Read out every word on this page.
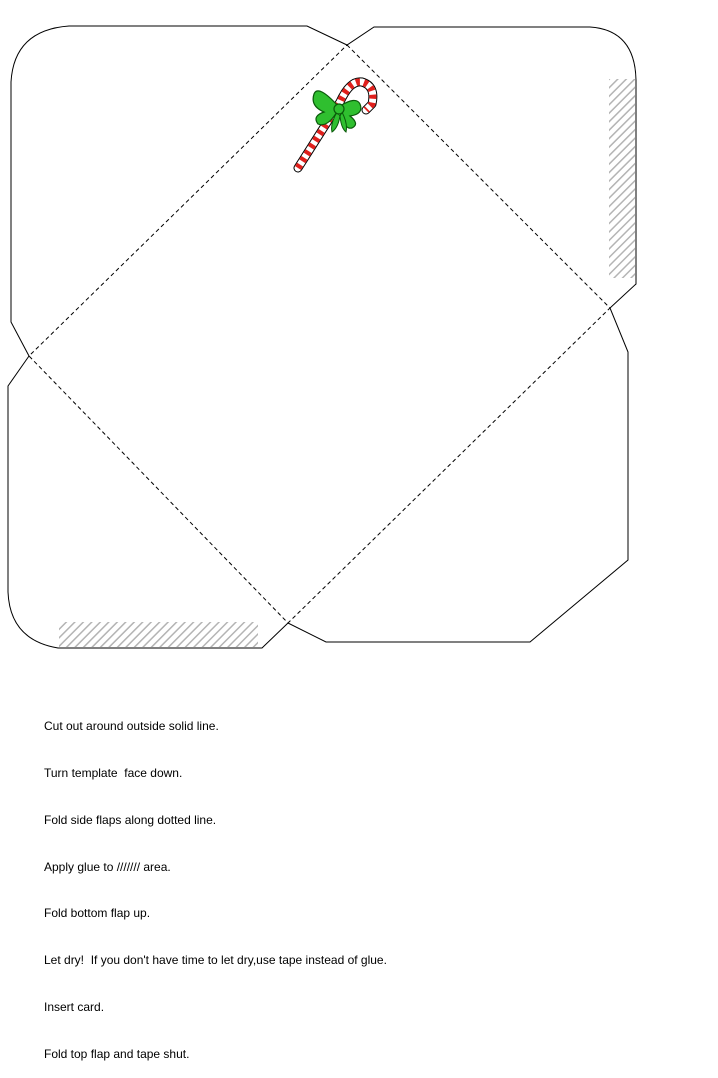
Cut out around outside solid line.

Turn template  face down.

Fold side flaps along dotted line.

Apply glue to /////// area.

Fold bottom flap up.

Let dry!  If you don't have time to let dry,use tape instead of glue.

Insert card.

Fold top flap and tape shut.
